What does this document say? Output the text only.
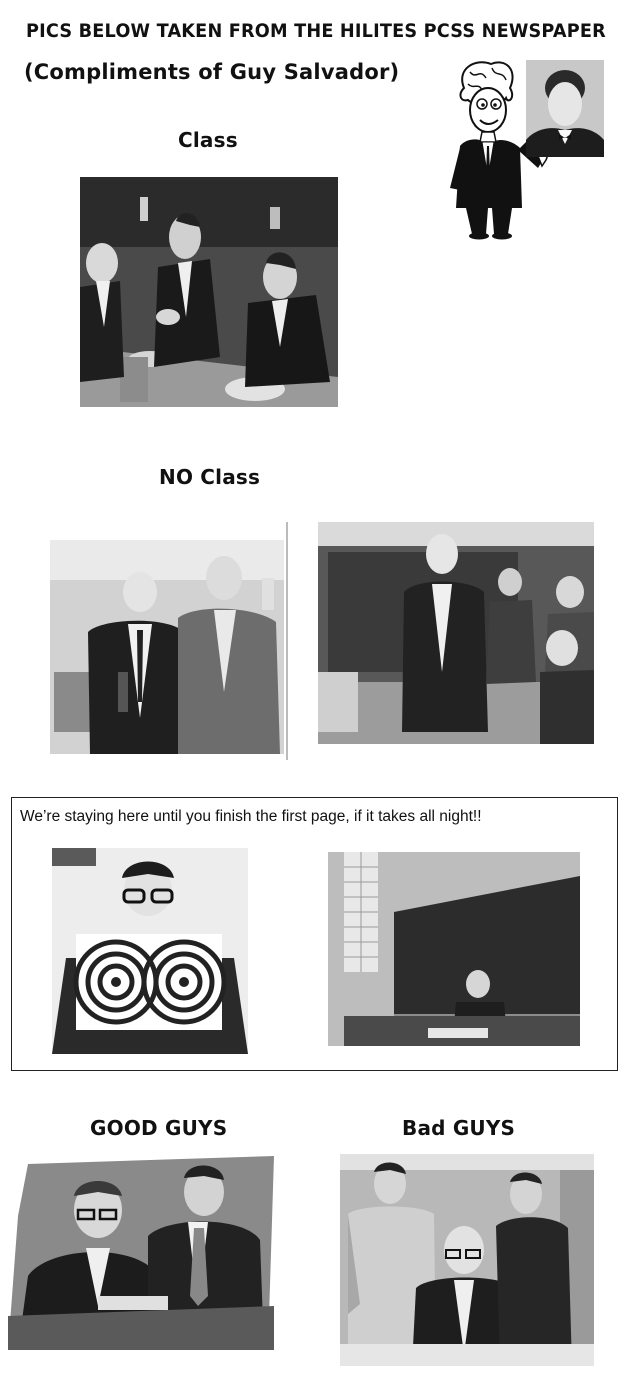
PICS BELOW TAKEN FROM THE HILITES PCSS NEWSPAPER
(Compliments of Guy Salvador)
Class
NO Class
We’re staying here until you finish the first page, if it takes all night!!
GOOD GUYS	Bad GUYS
